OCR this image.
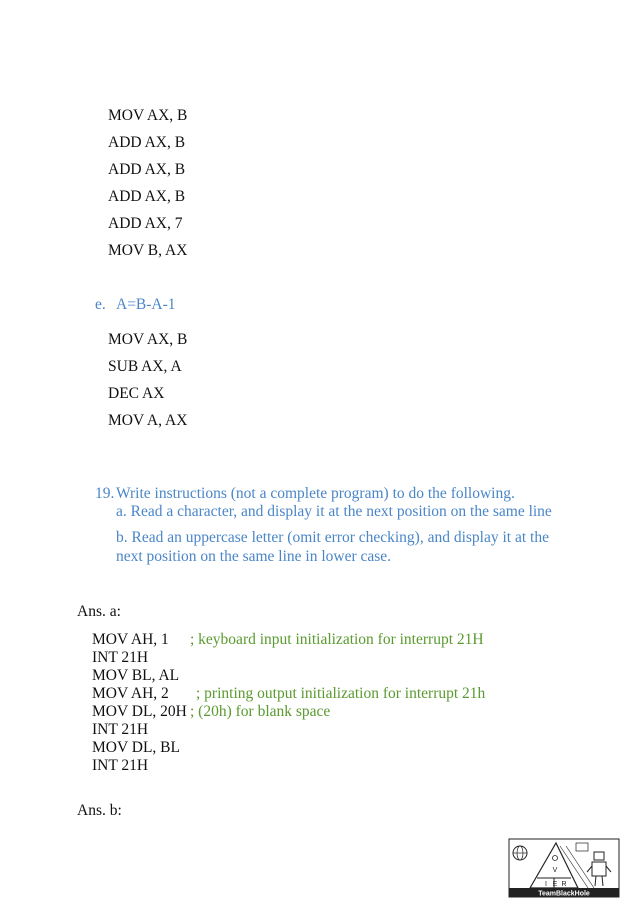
MOV AX, B
ADD AX, B
ADD AX, B
ADD AX, B
ADD AX, 7
MOV B, AX
e. A=B-A-1
MOV AX, B
SUB AX, A
DEC AX
MOV A, AX
19. Write instructions (not a complete program) to do the following.
a. Read a character, and display it at the next position on the same line
b. Read an uppercase letter (omit error checking), and display it at the
next position on the same line in lower case.
Ans. a:
MOV AH, 1 ; keyboard input initialization for interrupt 21H
INT 21H
MOV BL, AL
MOV AH, 2 ; printing output initialization for interrupt 21h
MOV DL, 20H ; (20h) for blank space
INT 21H
MOV DL, BL
INT 21H
Ans. b:
V
I E R
TeamBlackHole
